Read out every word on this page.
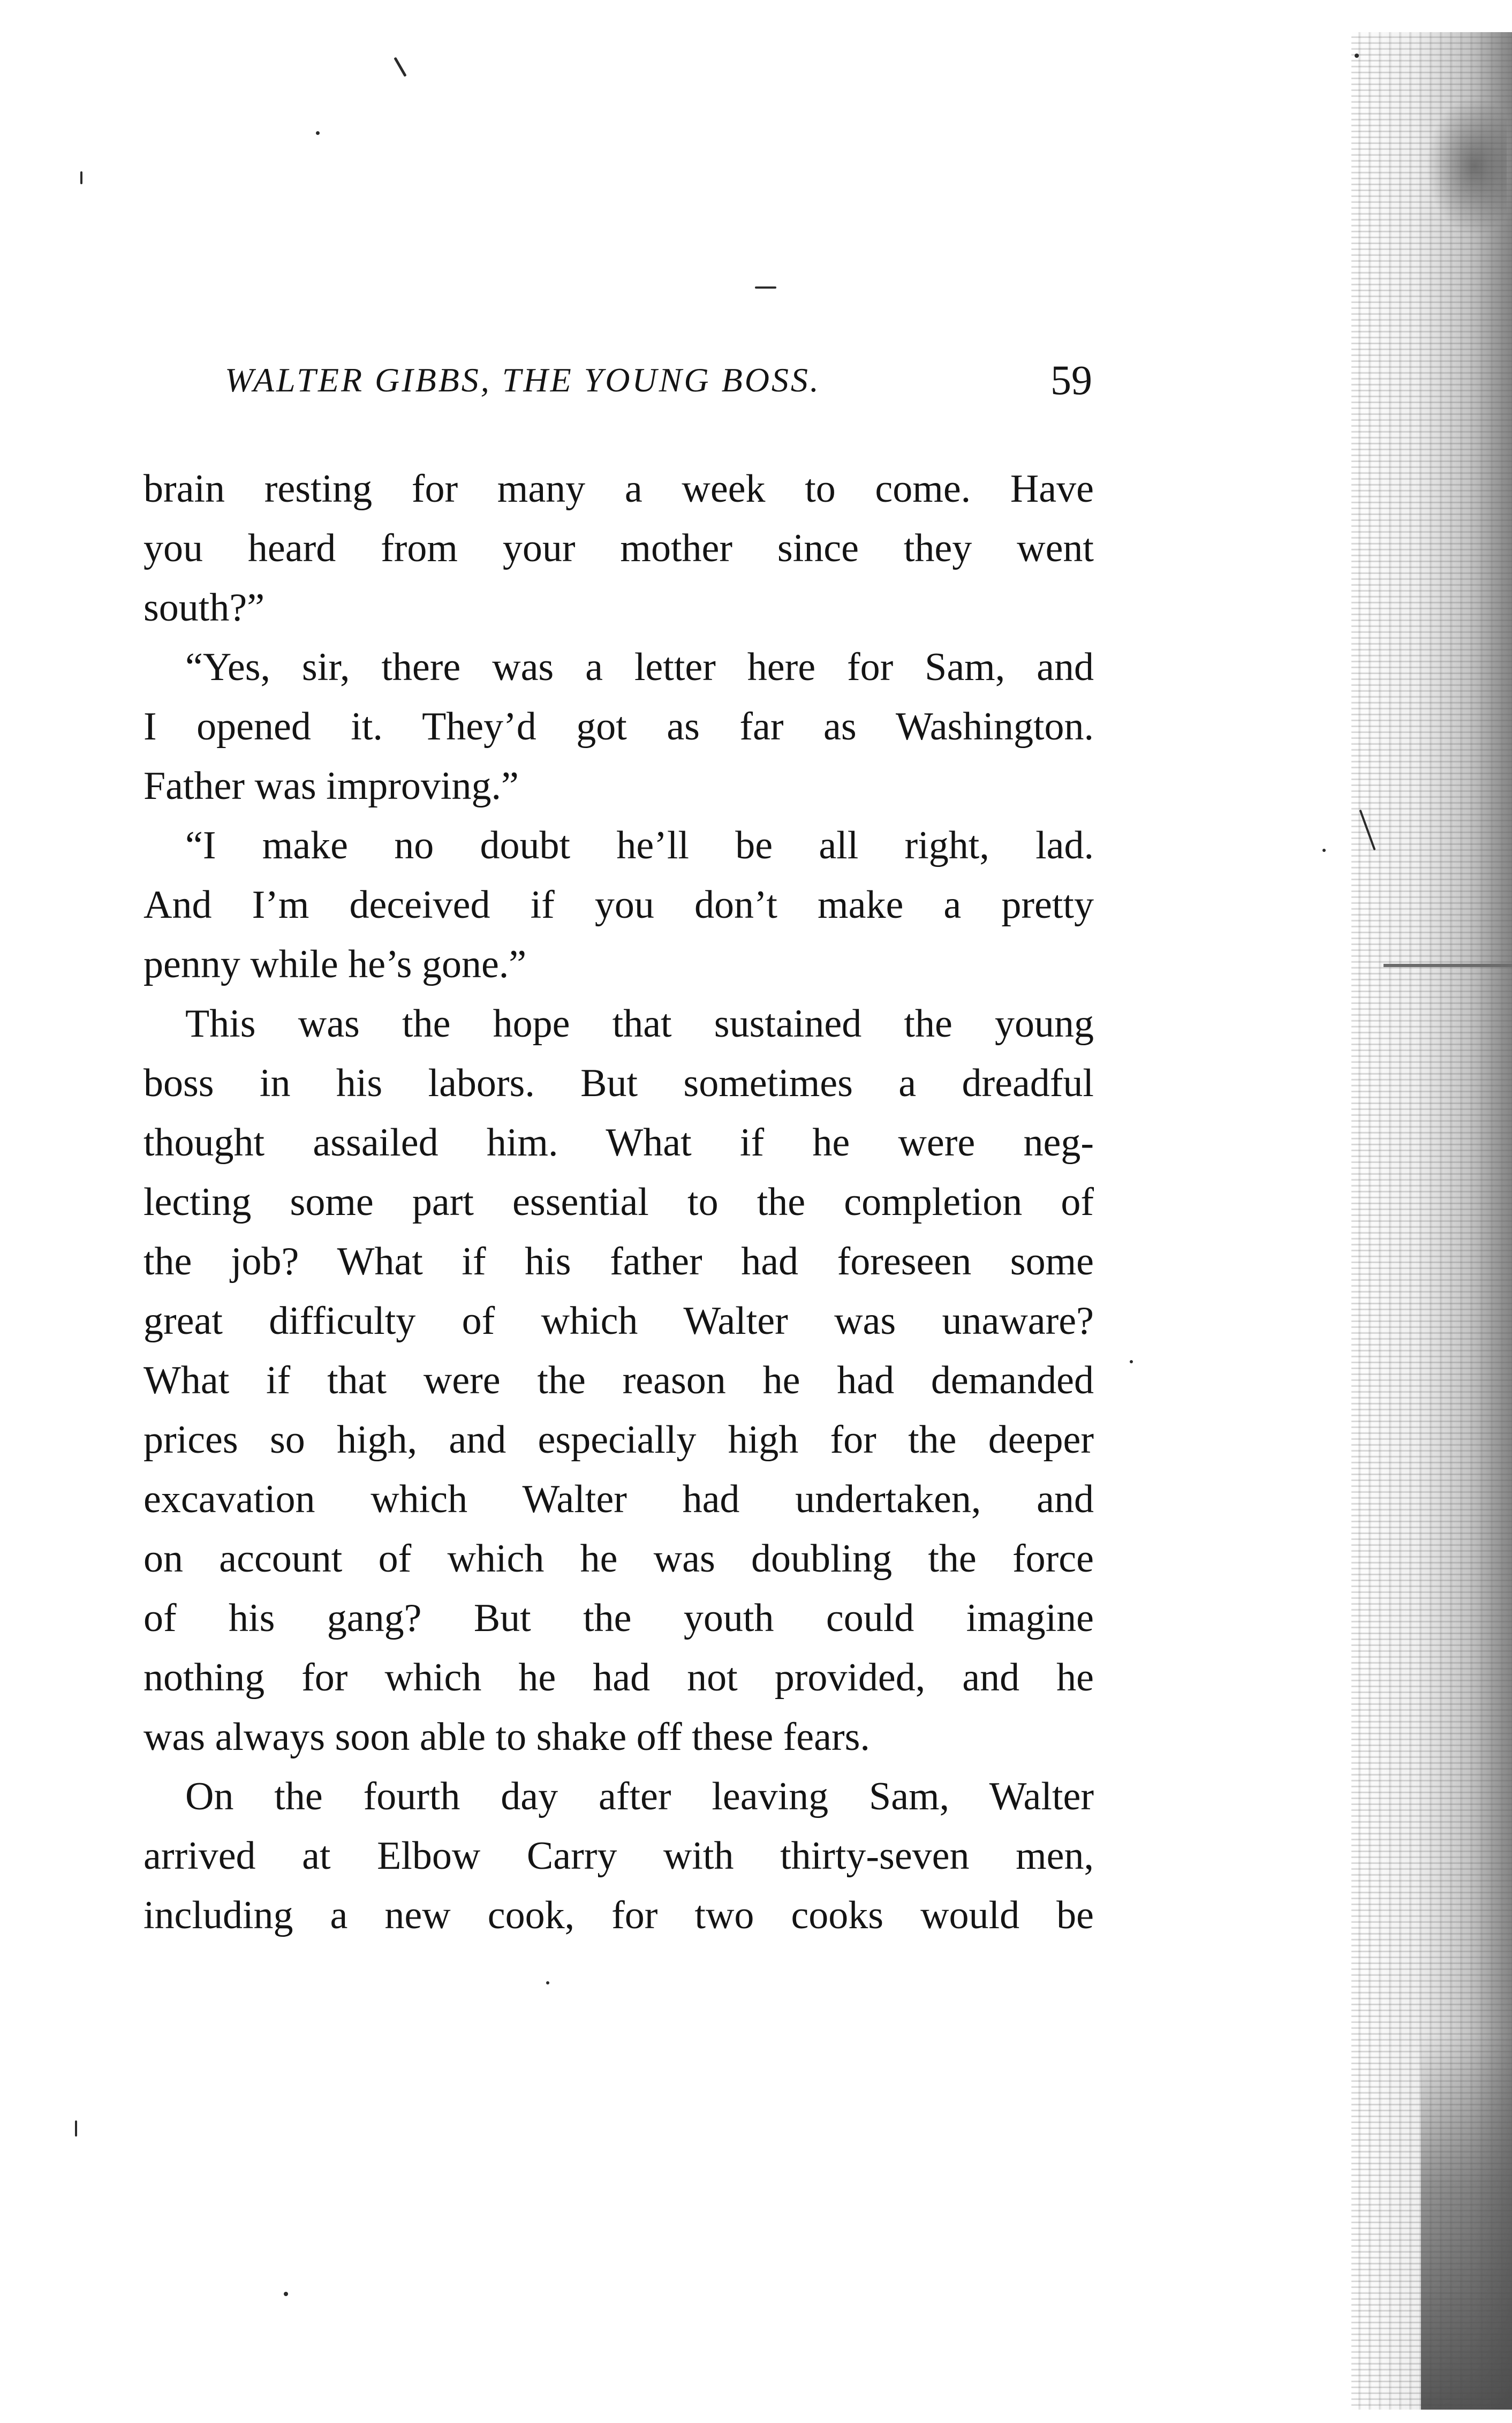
WALTER GIBBS, THE YOUNG BOSS.	59
brain resting for many a week to come. Have
you heard from your mother since they went
south?”
“Yes, sir, there was a letter here for Sam, and
I opened it. They’d got as far as Washington.
Father was improving.”
“I make no doubt he’ll be all right, lad.
And I’m deceived if you don’t make a pretty
penny while he’s gone.”
This was the hope that sustained the young
boss in his labors. But sometimes a dreadful
thought assailed him. What if he were neg-
lecting some part essential to the completion of
the job? What if his father had foreseen some
great difficulty of which Walter was unaware?
What if that were the reason he had demanded
prices so high, and especially high for the deeper
excavation which Walter had undertaken, and
on account of which he was doubling the force
of his gang? But the youth could imagine
nothing for which he had not provided, and he
was always soon able to shake off these fears.
On the fourth day after leaving Sam, Walter
arrived at Elbow Carry with thirty-seven men,
including a new cook, for two cooks would be
